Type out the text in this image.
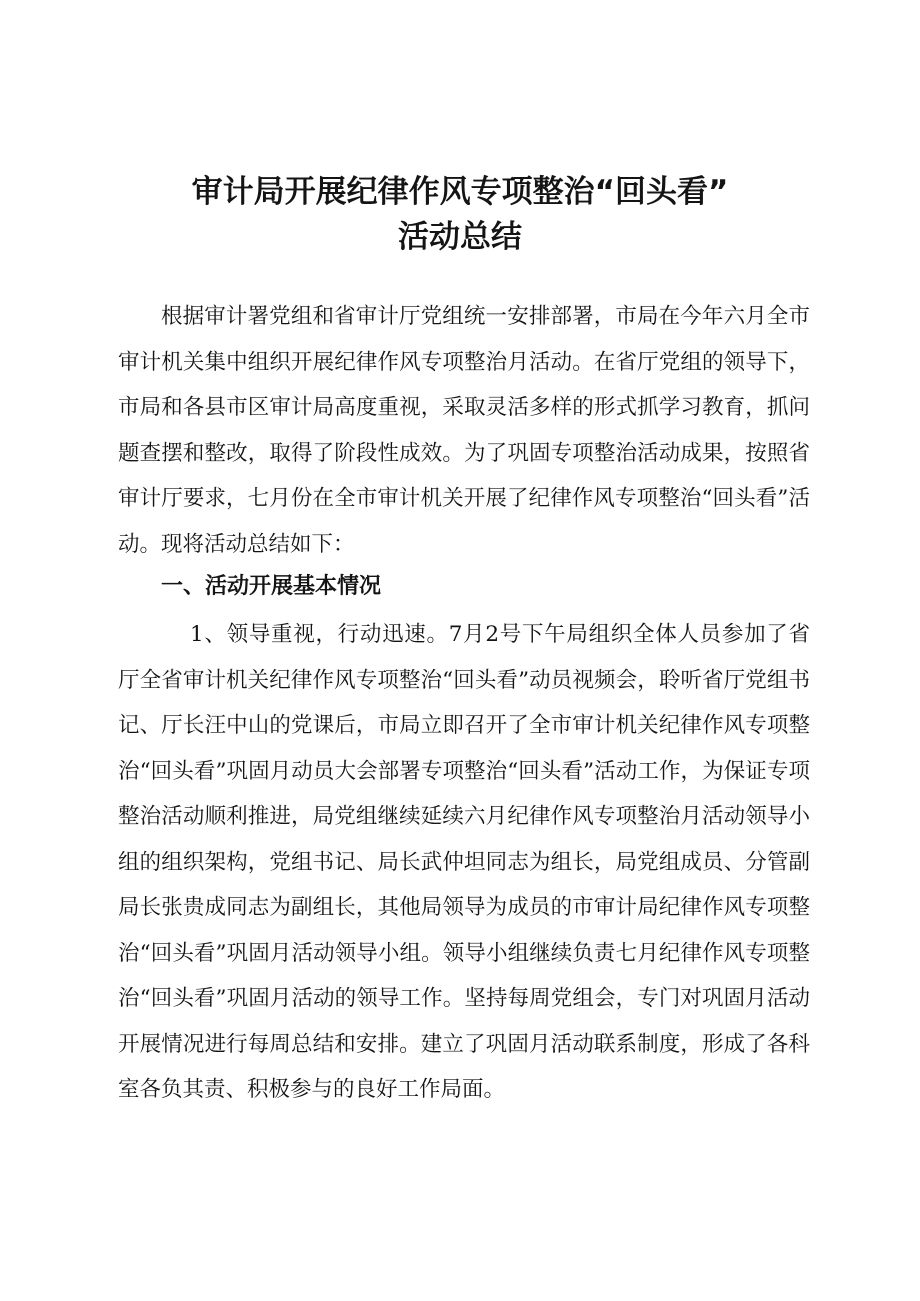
审计局开展纪律作风专项整治“回头看”
活动总结

根据审计署党组和省审计厅党组统一安排部署，市局在今年六月全市审计机关集中组织开展纪律作风专项整治月活动。在省厅党组的领导下，市局和各县市区审计局高度重视，采取灵活多样的形式抓学习教育，抓问题查摆和整改，取得了阶段性成效。为了巩固专项整治活动成果，按照省审计厅要求，七月份在全市审计机关开展了纪律作风专项整治“回头看”活动。现将活动总结如下：

一、活动开展基本情况

1、领导重视，行动迅速。7月2号下午局组织全体人员参加了省厅全省审计机关纪律作风专项整治“回头看”动员视频会，聆听省厅党组书记、厅长汪中山的党课后，市局立即召开了全市审计机关纪律作风专项整治“回头看”巩固月动员大会部署专项整治“回头看”活动工作，为保证专项整治活动顺利推进，局党组继续延续六月纪律作风专项整治月活动领导小组的组织架构，党组书记、局长武仲坦同志为组长，局党组成员、分管副局长张贵成同志为副组长，其他局领导为成员的市审计局纪律作风专项整治“回头看”巩固月活动领导小组。领导小组继续负责七月纪律作风专项整治“回头看”巩固月活动的领导工作。坚持每周党组会，专门对巩固月活动开展情况进行每周总结和安排。建立了巩固月活动联系制度，形成了各科室各负其责、积极参与的良好工作局面。
